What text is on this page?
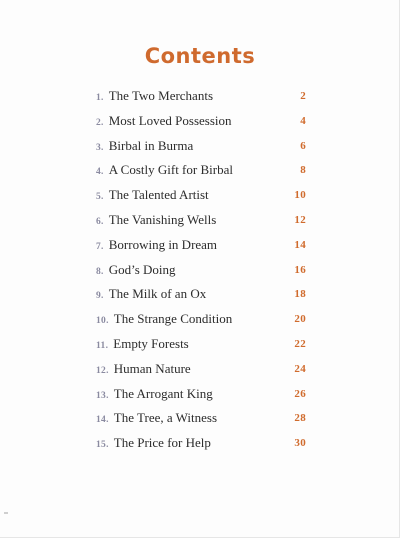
Contents
1. The Two Merchants	2
2. Most Loved Possession	4
3. Birbal in Burma	6
4. A Costly Gift for Birbal	8
5. The Talented Artist	10
6. The Vanishing Wells	12
7. Borrowing in Dream	14
8. God’s Doing	16
9. The Milk of an Ox	18
10. The Strange Condition	20
11. Empty Forests	22
12. Human Nature	24
13. The Arrogant King	26
14. The Tree, a Witness	28
15. The Price for Help	30
